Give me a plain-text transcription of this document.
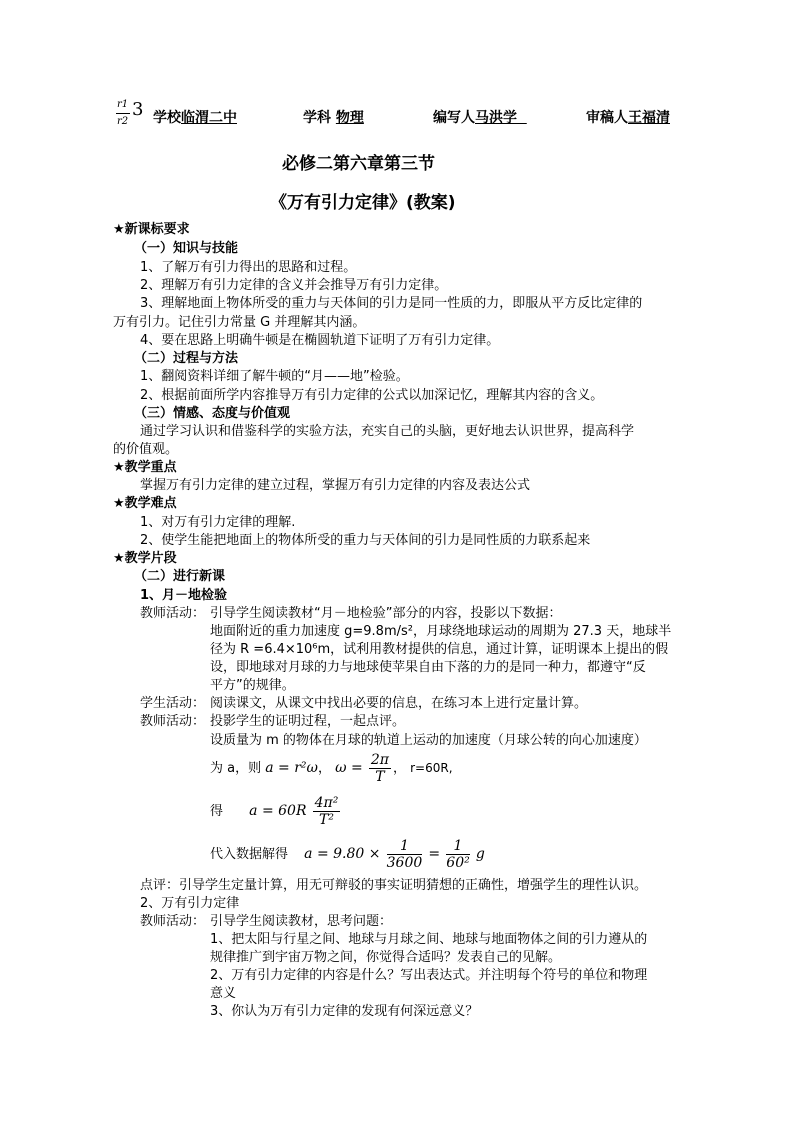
r1
r2
3 学校临渭二中	学科 物理	编写人马洪学	审稿人王福清
必修二第六章第三节
《万有引力定律》(教案)
★新课标要求
（一）知识与技能
1、了解万有引力得出的思路和过程。
2、理解万有引力定律的含义并会推导万有引力定律。
3、理解地面上物体所受的重力与天体间的引力是同一性质的力，即服从平方反比定律的
万有引力。记住引力常量 G 并理解其内涵。
4、要在思路上明确牛顿是在椭圆轨道下证明了万有引力定律。
（二）过程与方法
1、翻阅资料详细了解牛顿的“月——地”检验。
2、根据前面所学内容推导万有引力定律的公式以加深记忆，理解其内容的含义。
（三）情感、态度与价值观
通过学习认识和借鉴科学的实验方法，充实自己的头脑，更好地去认识世界，提高科学
的价值观。
★教学重点
掌握万有引力定律的建立过程，掌握万有引力定律的内容及表达公式
★教学难点
1、对万有引力定律的理解.
2、使学生能把地面上的物体所受的重力与天体间的引力是同性质的力联系起来
★教学片段
（二）进行新课
1、月－地检验
教师活动： 引导学生阅读教材“月－地检验”部分的内容，投影以下数据：
地面附近的重力加速度 g=9.8m/s²，月球绕地球运动的周期为 27.3 天，地球半
径为 R =6.4×10⁶m，试利用教材提供的信息，通过计算，证明课本上提出的假
设，即地球对月球的力与地球使苹果自由下落的力的是同一种力，都遵守“反
平方”的规律。
学生活动： 阅读课文，从课文中找出必要的信息，在练习本上进行定量计算。
教师活动： 投影学生的证明过程，一起点评。
设质量为 m 的物体在月球的轨道上运动的加速度（月球公转的向心加速度）
为 a，则 a = r²ω， $\omega = \frac{2\pi}{T}$ ， r=60R,
得 $a = 60R \frac{\text{4π²}}{\text{T²}}$
代入数据解得 $a = 9.80 \times \frac{1}{3600} = \frac{1}{\text{60²}}$ g
点评：引导学生定量计算，用无可辩驳的事实证明猜想的正确性，增强学生的理性认识。
2、万有引力定律
教师活动： 引导学生阅读教材，思考问题：
1、把太阳与行星之间、地球与月球之间、地球与地面物体之间的引力遵从的
规律推广到宇宙万物之间，你觉得合适吗？发表自己的见解。
2、万有引力定律的内容是什么？写出表达式。并注明每个符号的单位和物理
意义
3、你认为万有引力定律的发现有何深远意义？
